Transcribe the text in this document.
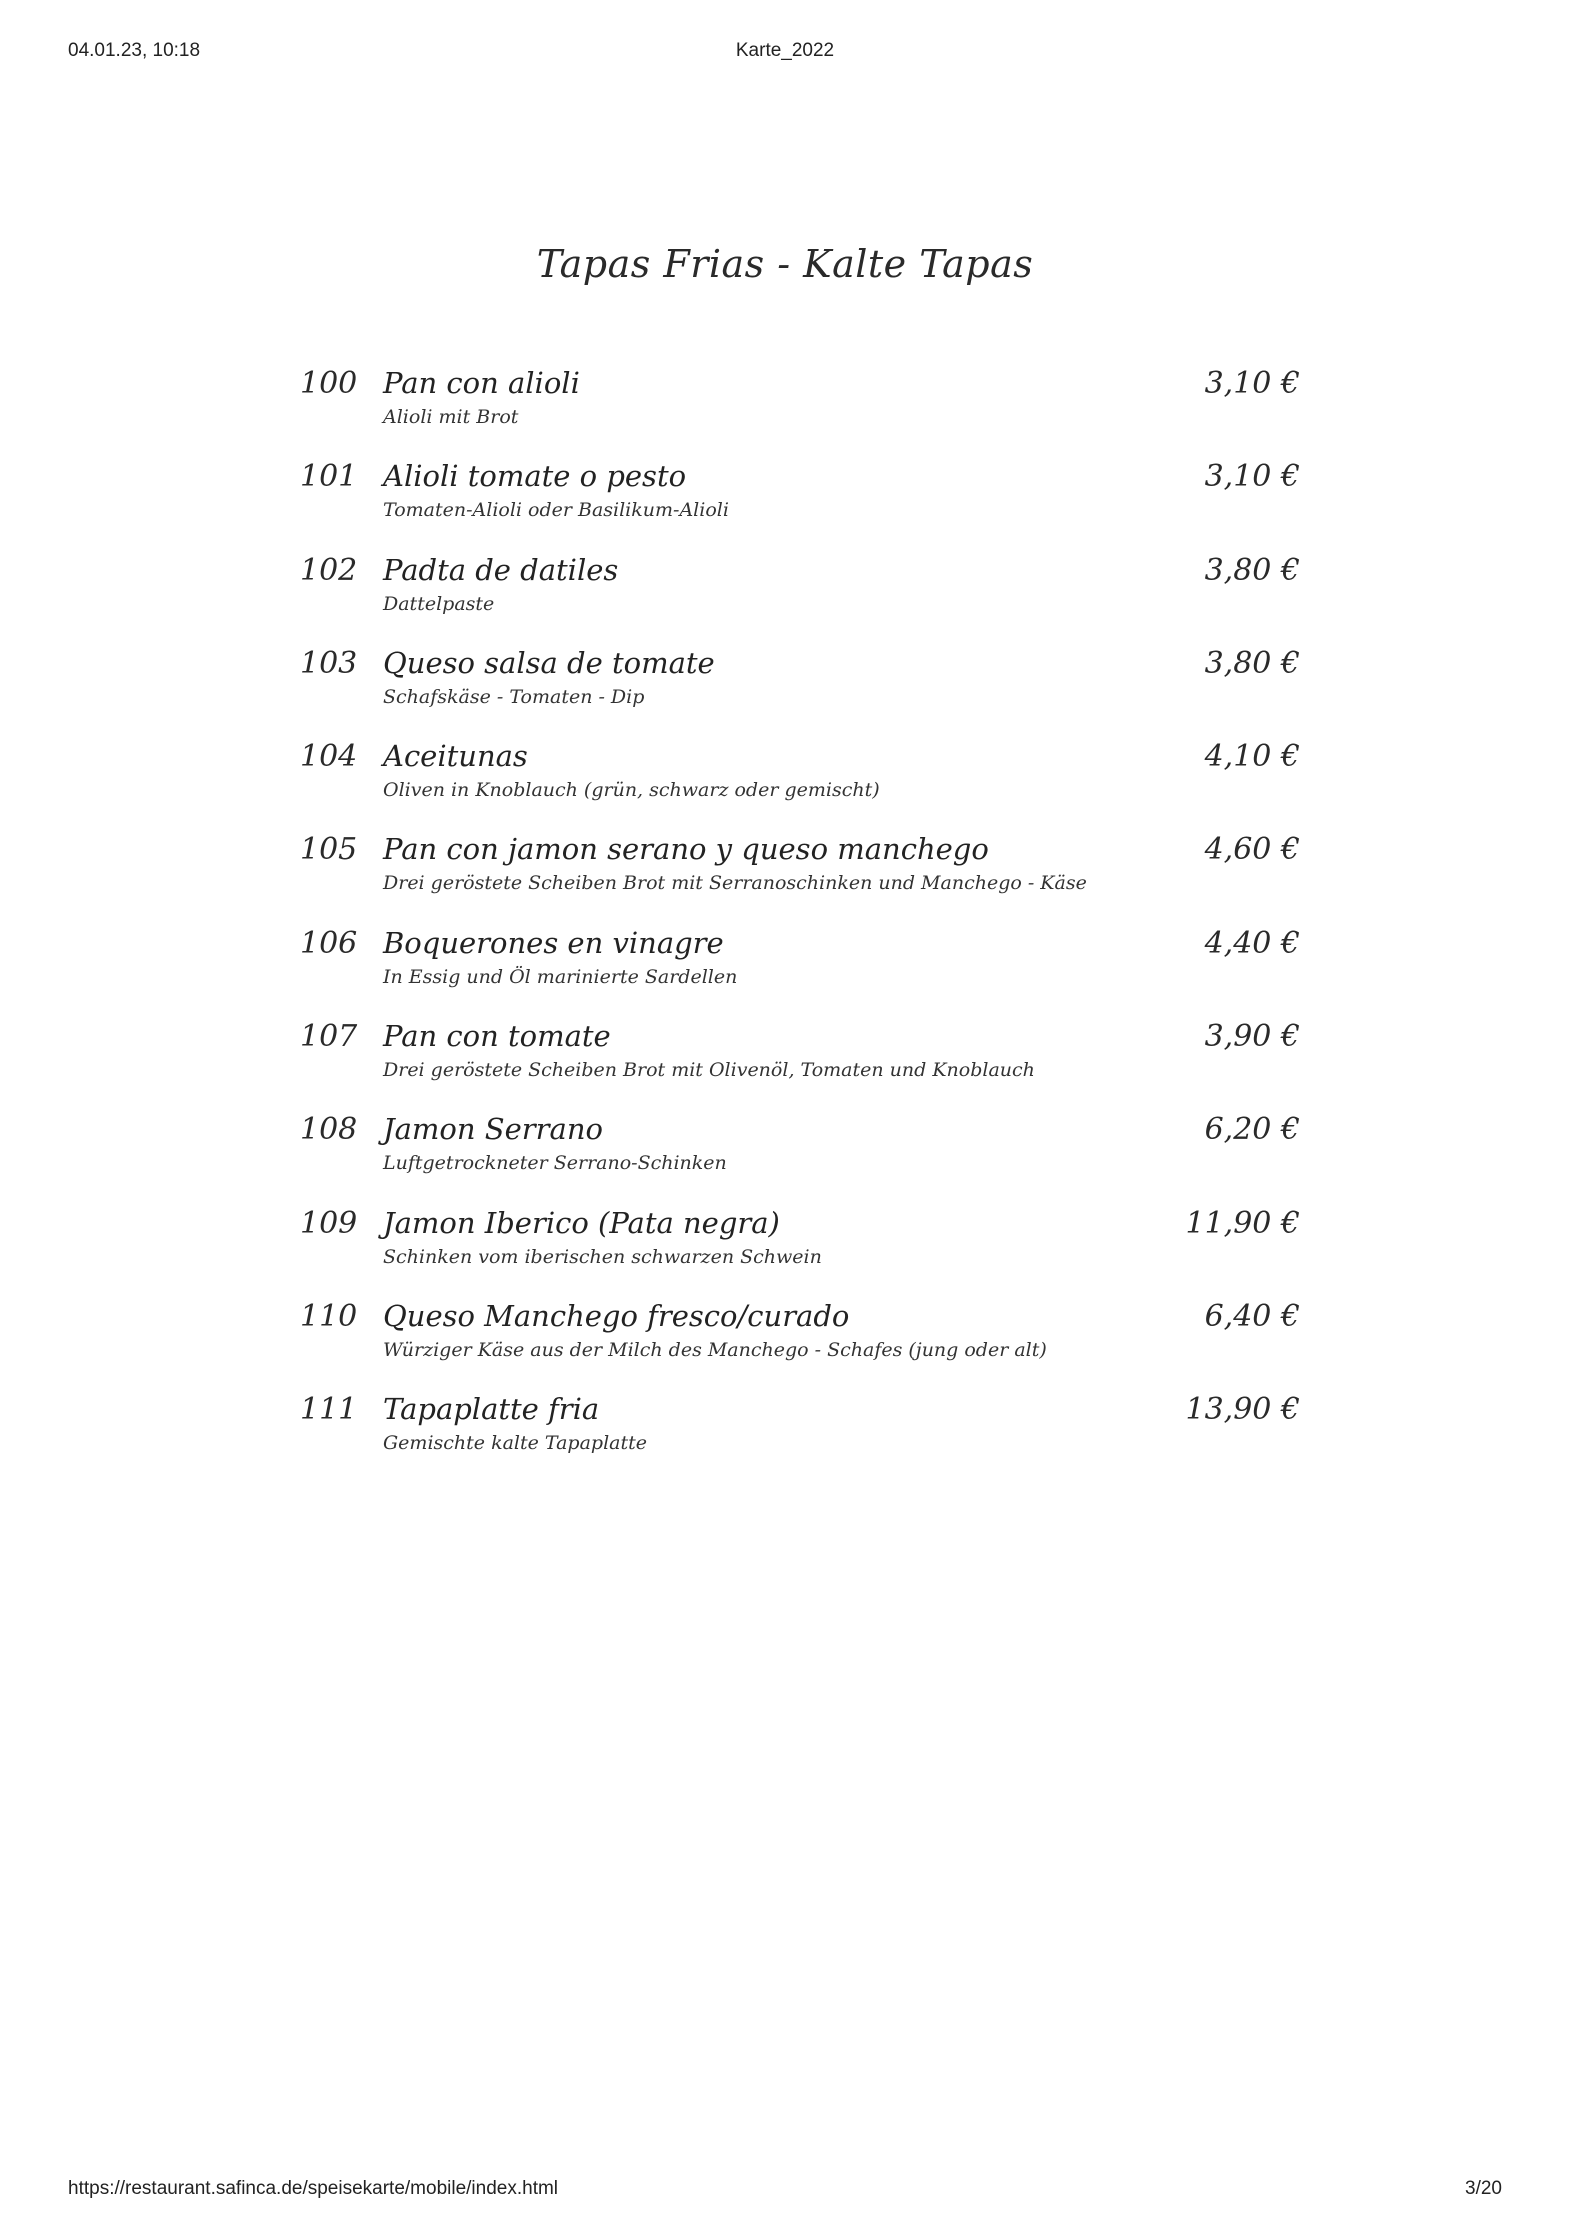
04.01.23, 10:18	Karte_2022
Tapas Frias - Kalte Tapas
100 Pan con alioli
Alioli mit Brot
3,10 €
101 Alioli tomate o pesto
Tomaten-Alioli oder Basilikum-Alioli
3,10 €
102 Padta de datiles
Dattelpaste
3,80 €
103 Queso salsa de tomate
Schafskäse - Tomaten - Dip
3,80 €
104 Aceitunas
Oliven in Knoblauch (grün, schwarz oder gemischt)
4,10 €
105 Pan con jamon serano y queso manchego
Drei geröstete Scheiben Brot mit Serranoschinken und Manchego - Käse
4,60 €
106 Boquerones en vinagre
In Essig und Öl marinierte Sardellen
4,40 €
107 Pan con tomate
Drei geröstete Scheiben Brot mit Olivenöl, Tomaten und Knoblauch
3,90 €
108 Jamon Serrano
Luftgetrockneter Serrano-Schinken
6,20 €
109 Jamon Iberico (Pata negra)
Schinken vom iberischen schwarzen Schwein
11,90 €
110 Queso Manchego fresco/curado
Würziger Käse aus der Milch des Manchego - Schafes (jung oder alt)
6,40 €
111 Tapaplatte fria
Gemischte kalte Tapaplatte
13,90 €
https://restaurant.safinca.de/speisekarte/mobile/index.html	3/20
